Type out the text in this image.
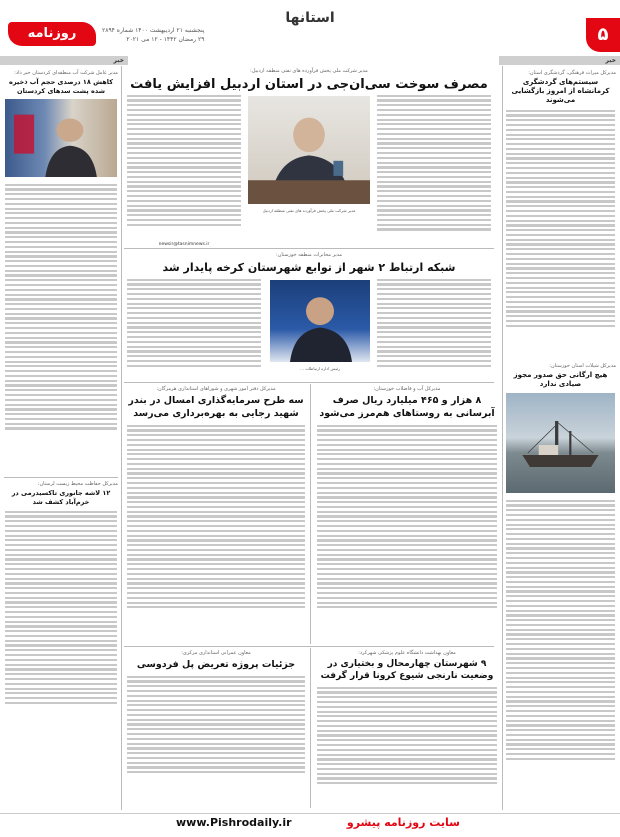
۵
استانها
روزنامه	پنجشنبه ۲۱ اردیبهشت ۱۴۰۰ شماره ۲۸۹۴
۲۹ رمضان ۱۴۴۲ - ۱۲ می ۲۰۲۱
خبر
خبر
مدیرکل میراث فرهنگی، گردشگری استان:
سیستم‌های گردشگری کرمانشاه از امروز بازگشایی می‌شوند
مدیرکل شیلات استان خوزستان:
هیچ ارگانی حق صدور مجوز صیادی ندارد
مدیر عامل شرکت آب منطقه‌ای کردستان خبر داد:
کاهش ۱۸ درصدی حجم آب ذخیره شده پشت سدهای کردستان
مدیرکل حفاظت محیط زیست لرستان:
۱۲ لاشه جانوری تاکسیدرمی در خرم‌آباد کشف شد
مدیر شرکت ملی پخش فرآورده های نفتی منطقه اردبیل:
مصرف سوخت سی‌ان‌جی در استان اردبیل افزایش یافت
مدیر شرکت ملی پخش فرآورده های نفتی منطقه اردبیل
newsir@tasnimnews.ir
مدیر مخابرات منطقه خوزستان:
شبکه ارتباط ۲ شهر از توابع شهرستان کرخه پایدار شد
رئیس اداره ارتباطات ...
مدیرکل آب و فاضلاب خوزستان:
۸ هزار و ۴۶۵ میلیارد ریال صرف آبرسانی به روستاهای هم‌مرز می‌شود
مدیرکل دفتر امور شهری و شوراهای استانداری هرمزگان:
سه طرح سرمایه‌گذاری امسال در بندر شهید رجایی به بهره‌برداری می‌رسد
معاون بهداشت دانشگاه علوم پزشکی شهرکرد:
۹ شهرستان چهارمحال و بختیاری در وضعیت نارنجی شیوع کرونا قرار گرفت
معاون عمرانی استانداری مرکزی:
جزئیات پروژه تعریض پل فردوسی
سایت روزنامه پیشرو
www.Pishrodaily.ir
